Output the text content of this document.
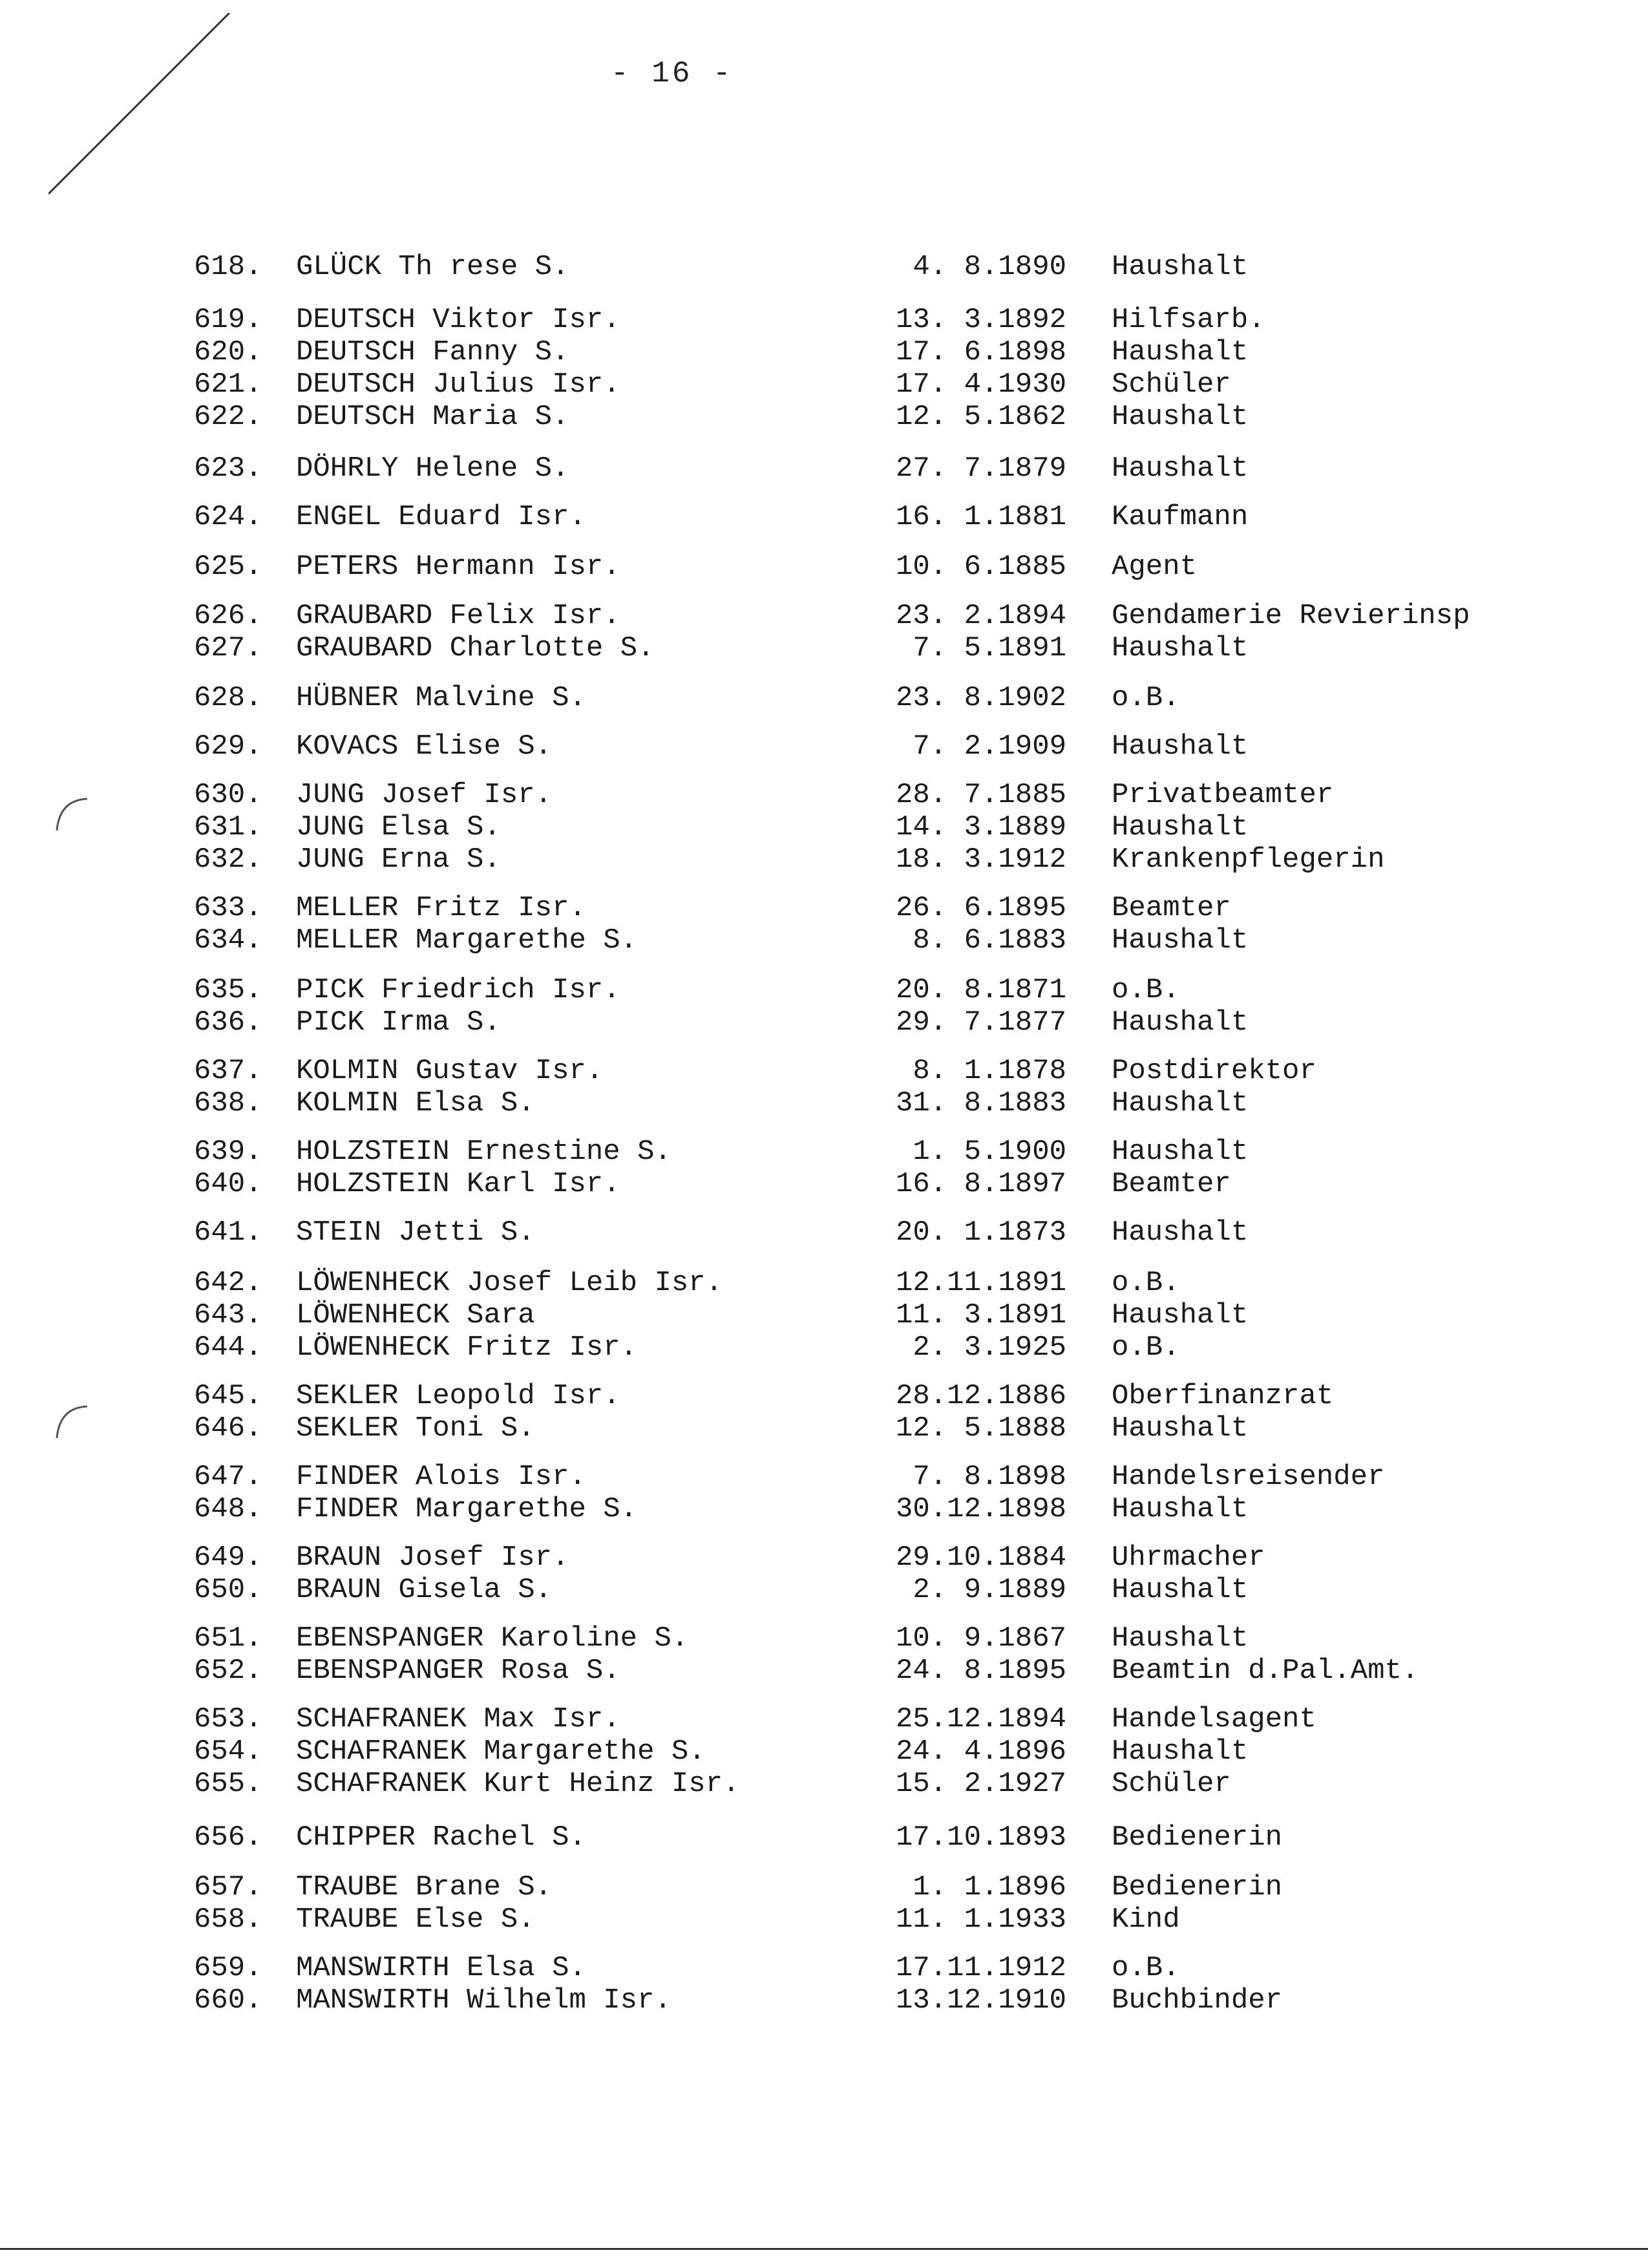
- 16 -
618. GLÜCK Th rese S.	4. 8.1890 Haushalt
619. DEUTSCH Viktor Isr.	13. 3.1892 Hilfsarb.
620. DEUTSCH Fanny S.	17. 6.1898 Haushalt
621. DEUTSCH Julius Isr.	17. 4.1930 Schüler
622. DEUTSCH Maria S.	12. 5.1862 Haushalt
623. DÖHRLY Helene S.	27. 7.1879 Haushalt
624. ENGEL Eduard Isr.	16. 1.1881 Kaufmann
625. PETERS Hermann Isr.	10. 6.1885 Agent
626. GRAUBARD Felix Isr.	23. 2.1894 Gendamerie Revierinsp
627. GRAUBARD Charlotte S.	7. 5.1891 Haushalt
628. HÜBNER Malvine S.	23. 8.1902 o.B.
629. KOVACS Elise S.	7. 2.1909 Haushalt
630. JUNG Josef Isr.	28. 7.1885 Privatbeamter
631. JUNG Elsa S.	14. 3.1889 Haushalt
632. JUNG Erna S.	18. 3.1912 Krankenpflegerin
633. MELLER Fritz Isr.	26. 6.1895 Beamter
634. MELLER Margarethe S.	8. 6.1883 Haushalt
635. PICK Friedrich Isr.	20. 8.1871 o.B.
636. PICK Irma S.	29. 7.1877 Haushalt
637. KOLMIN Gustav Isr.	8. 1.1878 Postdirektor
638. KOLMIN Elsa S.	31. 8.1883 Haushalt
639. HOLZSTEIN Ernestine S.	1. 5.1900 Haushalt
640. HOLZSTEIN Karl Isr.	16. 8.1897 Beamter
641. STEIN Jetti S.	20. 1.1873 Haushalt
642. LÖWENHECK Josef Leib Isr.	12.11.1891 o.B.
643. LÖWENHECK Sara	11. 3.1891 Haushalt
644. LÖWENHECK Fritz Isr.	2. 3.1925 o.B.
645. SEKLER Leopold Isr.	28.12.1886 Oberfinanzrat
646. SEKLER Toni S.	12. 5.1888 Haushalt
647. FINDER Alois Isr.	7. 8.1898 Handelsreisender
648. FINDER Margarethe S.	30.12.1898 Haushalt
649. BRAUN Josef Isr.	29.10.1884 Uhrmacher
650. BRAUN Gisela S.	2. 9.1889 Haushalt
651. EBENSPANGER Karoline S.	10. 9.1867 Haushalt
652. EBENSPANGER Rosa S.	24. 8.1895 Beamtin d.Pal.Amt.
653. SCHAFRANEK Max Isr.	25.12.1894 Handelsagent
654. SCHAFRANEK Margarethe S.	24. 4.1896 Haushalt
655. SCHAFRANEK Kurt Heinz Isr.	15. 2.1927 Schüler
656. CHIPPER Rachel S.	17.10.1893 Bedienerin
657. TRAUBE Brane S.	1. 1.1896 Bedienerin
658. TRAUBE Else S.	11. 1.1933 Kind
659. MANSWIRTH Elsa S.	17.11.1912 o.B.
660. MANSWIRTH Wilhelm Isr.	13.12.1910 Buchbinder
